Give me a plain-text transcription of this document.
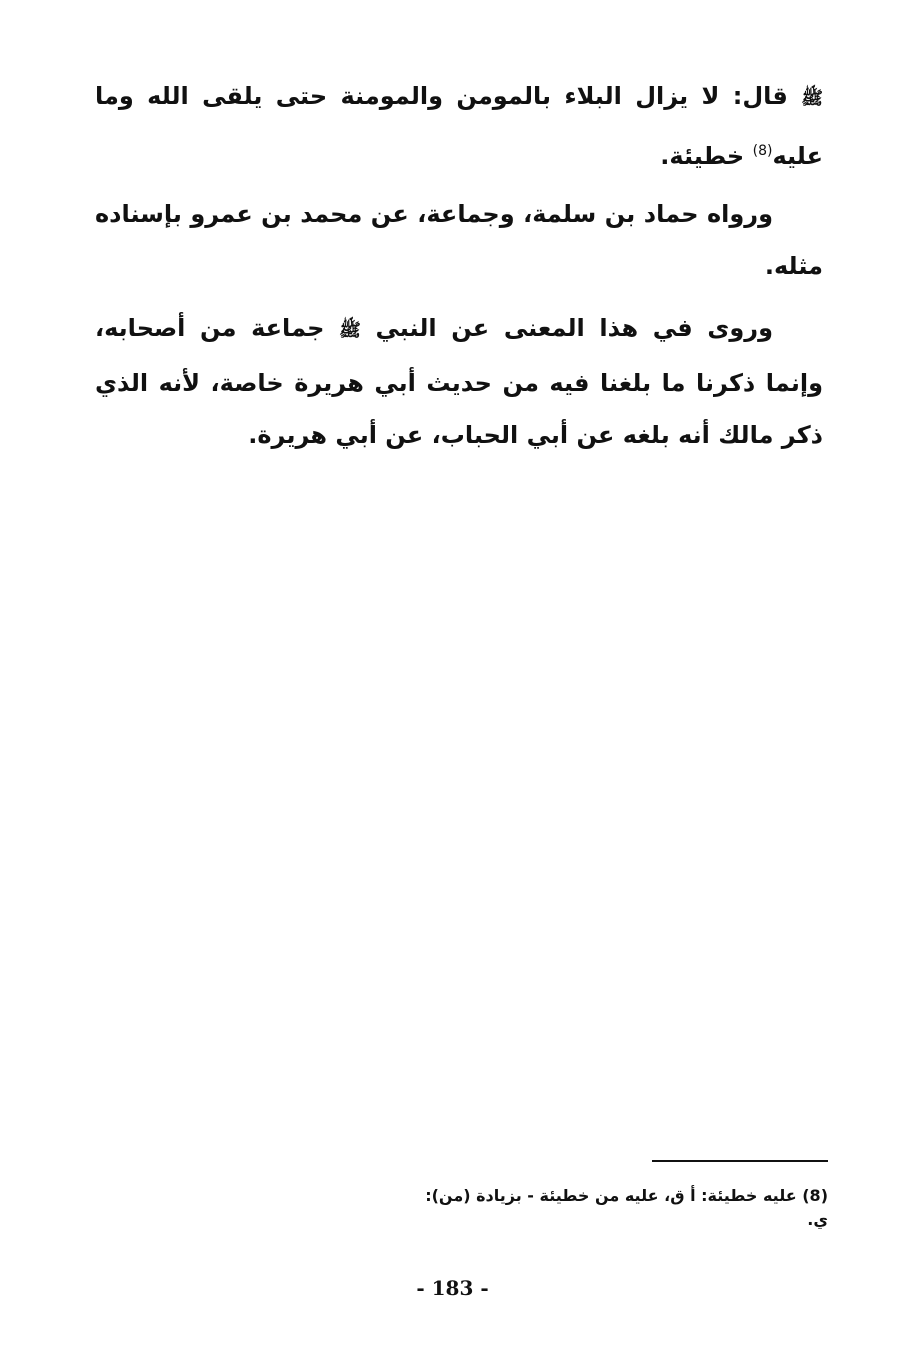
ﷺ قال: لا يزال البلاء بالمومن والمومنة حتى يلقى الله وما عليه$^{(8)}$ خطيئة.

ورواه حماد بن سلمة، وجماعة، عن محمد بن عمرو بإسناده مثله.

وروى في هذا المعنى عن النبي ﷺ جماعة من أصحابه، وإنما ذكرنا ما بلغنا فيه من حديث أبي هريرة خاصة، لأنه الذي ذكر مالك أنه بلغه عن أبي الحباب، عن أبي هريرة.

(8) عليه خطيئة: أ ق، عليه من خطيئة - بزيادة (من): ي.
- 183 -
